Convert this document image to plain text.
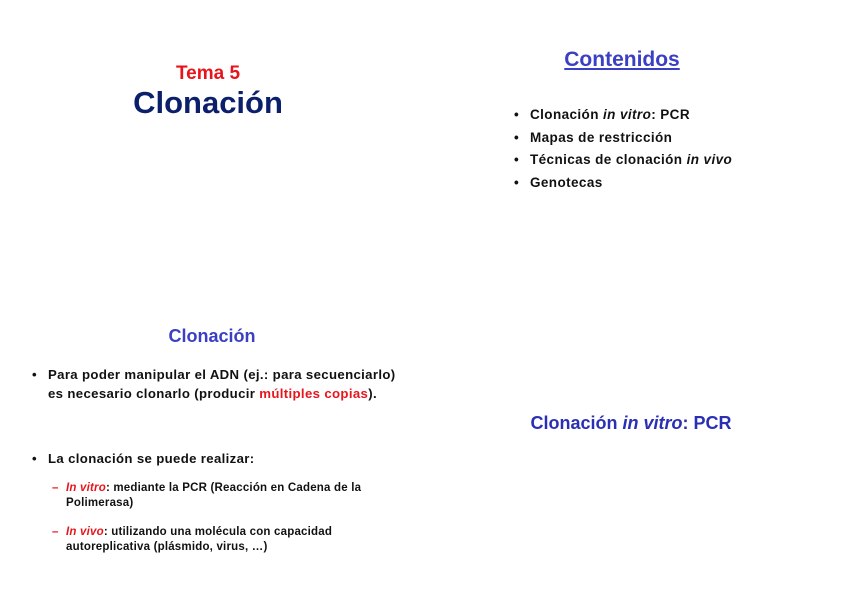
Tema 5
Clonación
Contenidos
• Clonación in vitro: PCR
• Mapas de restricción
• Técnicas de clonación in vivo
• Genotecas
Clonación
• Para poder manipular el ADN (ej.: para secuenciarlo) es necesario clonarlo (producir múltiples copias).
• La clonación se puede realizar:
– In vitro: mediante la PCR (Reacción en Cadena de la Polimerasa)
– In vivo: utilizando una molécula con capacidad autoreplicativa (plásmido, virus, …)
Clonación in vitro: PCR
